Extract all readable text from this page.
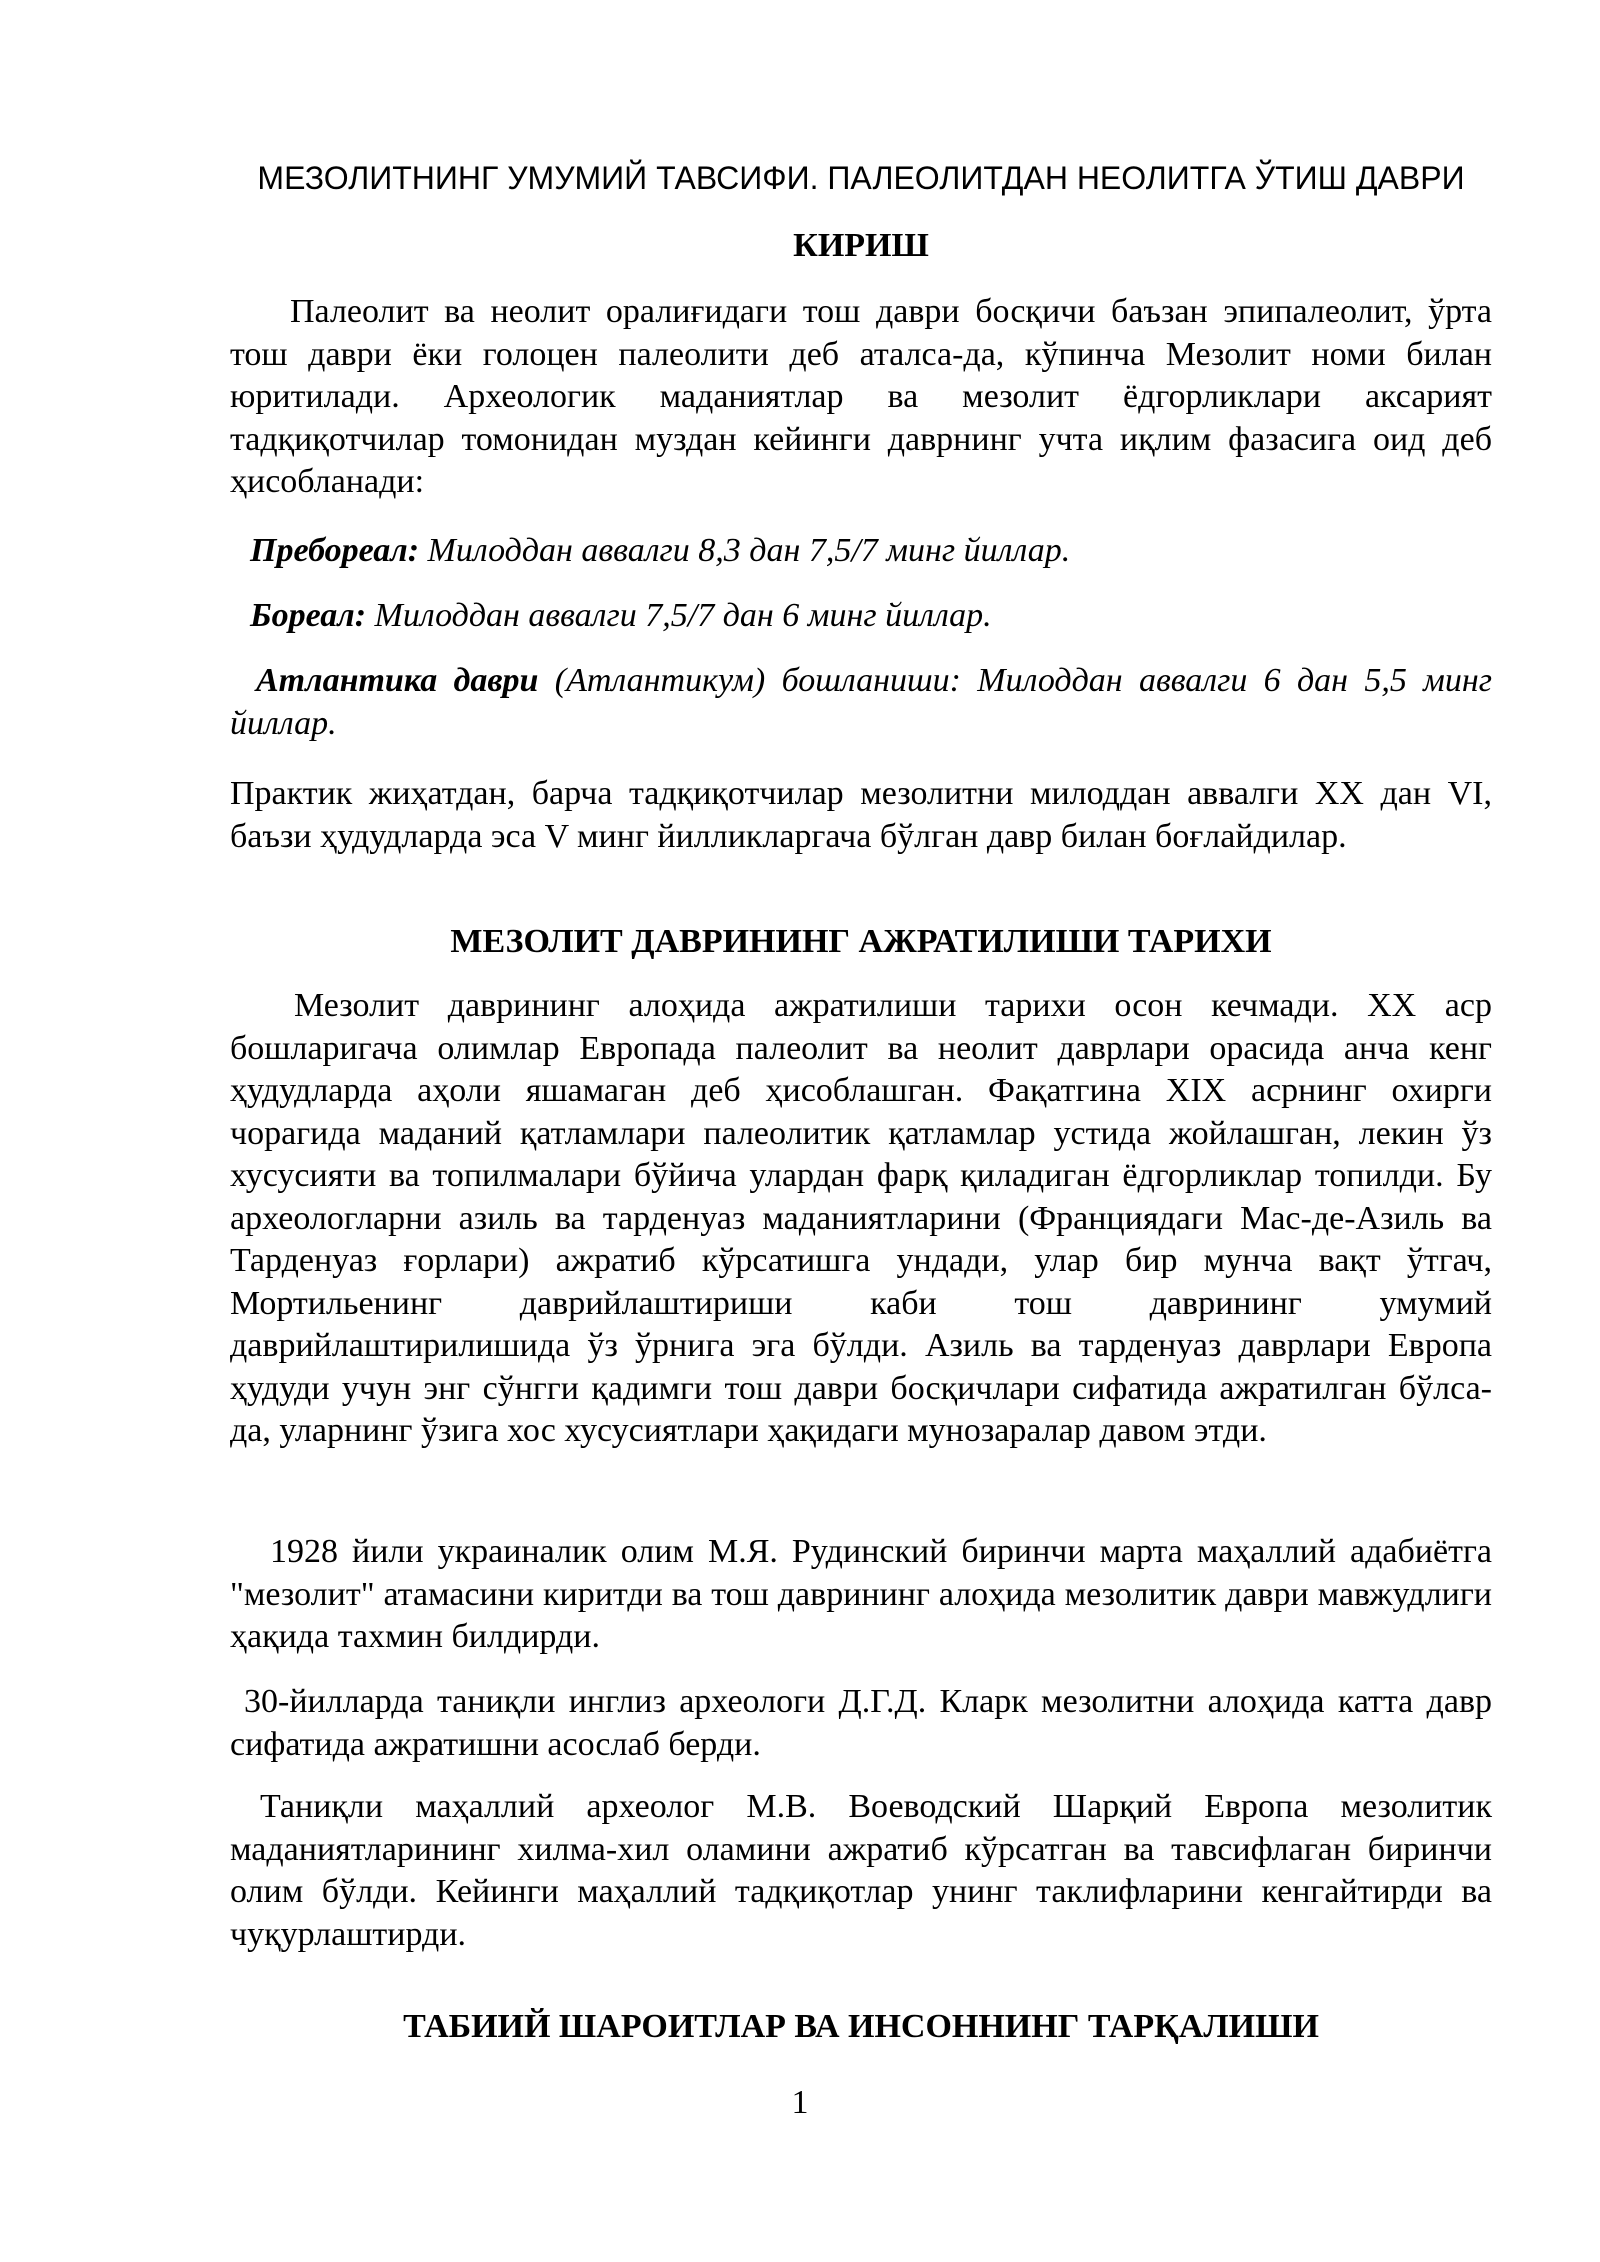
МЕЗОЛИТНИНГ УМУМИЙ ТАВСИФИ. ПАЛЕОЛИТДАН НЕОЛИТГА ЎТИШ ДАВРИ
КИРИШ

Палеолит ва неолит оралиғидаги тош даври босқичи баъзан эпипалеолит, ўрта тош даври ёки голоцен палеолити деб аталса-да, кўпинча Мезолит номи билан юритилади. Археологик маданиятлар ва мезолит ёдгорликлари аксарият тадқиқотчилар томонидан муздан кейинги даврнинг учта иқлим фазасига оид деб ҳисобланади:

Пребореал: Милоддан аввалги 8,3 дан 7,5/7 минг йиллар.

Бореал: Милоддан аввалги 7,5/7 дан 6 минг йиллар.

Атлантика даври (Атлантикум) бошланиши: Милоддан аввалги 6 дан 5,5 минг йиллар.

Практик жиҳатдан, барча тадқиқотчилар мезолитни милоддан аввалги XX дан VI, баъзи ҳудудларда эса V минг йилликларгача бўлган давр билан боғлайдилар.

МЕЗОЛИТ ДАВРИНИНГ АЖРАТИЛИШИ ТАРИХИ

Мезолит даврининг алоҳида ажратилиши тарихи осон кечмади. XX аср бошларигача олимлар Европада палеолит ва неолит даврлари орасида анча кенг ҳудудларда аҳоли яшамаган деб ҳисоблашган. Фақатгина XIX асрнинг охирги чорагида маданий қатламлари палеолитик қатламлар устида жойлашган, лекин ўз хусусияти ва топилмалари бўйича улардан фарқ қиладиган ёдгорликлар топилди. Бу археологларни азиль ва тарденуаз маданиятларини (Франциядаги Мас-де-Азиль ва Тарденуаз ғорлари) ажратиб кўрсатишга ундади, улар бир мунча вақт ўтгач, Мортильенинг даврийлаштириши каби тош даврининг умумий даврийлаштирилишида ўз ўрнига эга бўлди. Азиль ва тарденуаз даврлари Европа ҳудуди учун энг сўнгги қадимги тош даври босқичлари сифатида ажратилган бўлса-да, уларнинг ўзига хос хусусиятлари ҳақидаги мунозаралар давом этди.

1928 йили украиналик олим М.Я. Рудинский биринчи марта маҳаллий адабиётга "мезолит" атамасини киритди ва тош даврининг алоҳида мезолитик даври мавжудлиги ҳақида тахмин билдирди.

30-йилларда таниқли инглиз археологи Д.Г.Д. Кларк мезолитни алоҳида катта давр сифатида ажратишни асослаб берди.

Таниқли маҳаллий археолог М.В. Воеводский Шарқий Европа мезолитик маданиятларининг хилма-хил оламини ажратиб кўрсатган ва тавсифлаган биринчи олим бўлди. Кейинги маҳаллий тадқиқотлар унинг таклифларини кенгайтирди ва чуқурлаштирди.

ТАБИИЙ ШАРОИТЛАР ВА ИНСОННИНГ ТАРҚАЛИШИ
1
